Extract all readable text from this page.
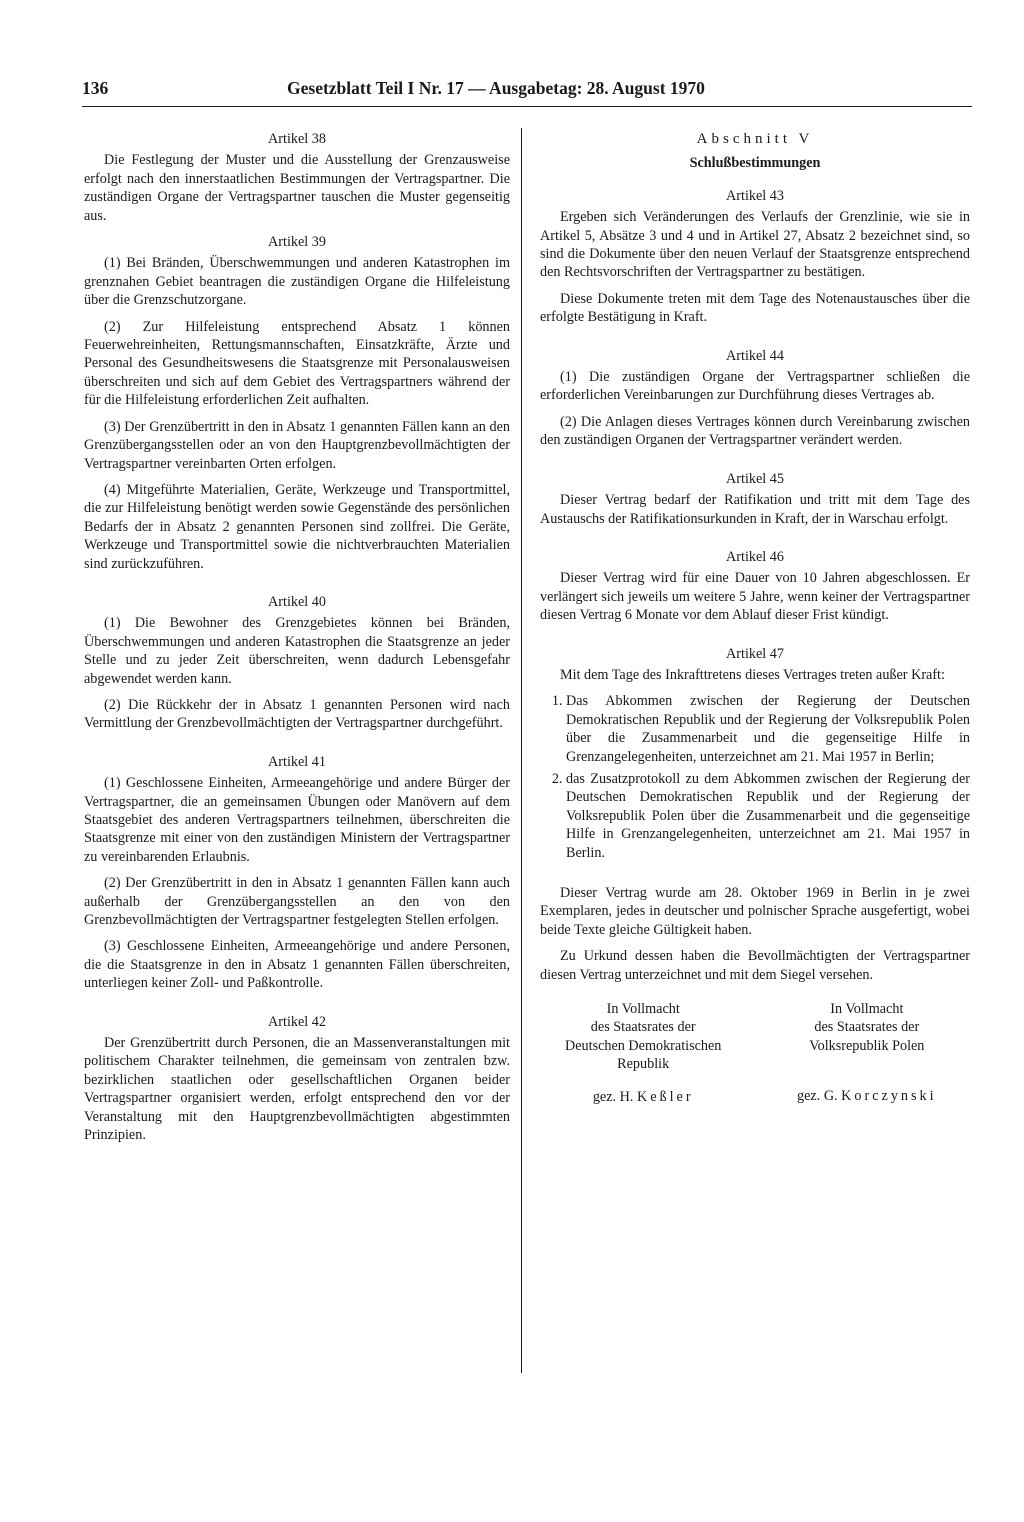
136	Gesetzblatt Teil I Nr. 17 — Ausgabetag: 28. August 1970
Artikel 38

Die Festlegung der Muster und die Ausstellung der Grenzausweise erfolgt nach den innerstaatlichen Bestimmungen der Vertragspartner. Die zuständigen Organe der Vertragspartner tauschen die Muster gegenseitig aus.

Artikel 39

(1) Bei Bränden, Überschwemmungen und anderen Katastrophen im grenznahen Gebiet beantragen die zuständigen Organe die Hilfeleistung über die Grenzschutzorgane.

(2) Zur Hilfeleistung entsprechend Absatz 1 können Feuerwehreinheiten, Rettungsmannschaften, Einsatzkräfte, Ärzte und Personal des Gesundheitswesens die Staatsgrenze mit Personalausweisen überschreiten und sich auf dem Gebiet des Vertragspartners während der für die Hilfeleistung erforderlichen Zeit aufhalten.

(3) Der Grenzübertritt in den in Absatz 1 genannten Fällen kann an den Grenzübergangsstellen oder an von den Hauptgrenzbevollmächtigten der Vertragspartner vereinbarten Orten erfolgen.

(4) Mitgeführte Materialien, Geräte, Werkzeuge und Transportmittel, die zur Hilfeleistung benötigt werden sowie Gegenstände des persönlichen Bedarfs der in Absatz 2 genannten Personen sind zollfrei. Die Geräte, Werkzeuge und Transportmittel sowie die nichtverbrauchten Materialien sind zurückzuführen.

Artikel 40

(1) Die Bewohner des Grenzgebietes können bei Bränden, Überschwemmungen und anderen Katastrophen die Staatsgrenze an jeder Stelle und zu jeder Zeit überschreiten, wenn dadurch Lebensgefahr abgewendet werden kann.

(2) Die Rückkehr der in Absatz 1 genannten Personen wird nach Vermittlung der Grenzbevollmächtigten der Vertragspartner durchgeführt.

Artikel 41

(1) Geschlossene Einheiten, Armeeangehörige und andere Bürger der Vertragspartner, die an gemeinsamen Übungen oder Manövern auf dem Staatsgebiet des anderen Vertragspartners teilnehmen, überschreiten die Staatsgrenze mit einer von den zuständigen Ministern der Vertragspartner zu vereinbarenden Erlaubnis.

(2) Der Grenzübertritt in den in Absatz 1 genannten Fällen kann auch außerhalb der Grenzübergangsstellen an den von den Grenzbevollmächtigten der Vertragspartner festgelegten Stellen erfolgen.

(3) Geschlossene Einheiten, Armeeangehörige und andere Personen, die die Staatsgrenze in den in Absatz 1 genannten Fällen überschreiten, unterliegen keiner Zoll- und Paßkontrolle.

Artikel 42

Der Grenzübertritt durch Personen, die an Massenveranstaltungen mit politischem Charakter teilnehmen, die gemeinsam von zentralen bzw. bezirklichen staatlichen oder gesellschaftlichen Organen beider Vertragspartner organisiert werden, erfolgt entsprechend den vor der Veranstaltung mit den Hauptgrenzbevollmächtigten abgestimmten Prinzipien.

Abschnitt V
Schlußbestimmungen
Artikel 43

Ergeben sich Veränderungen des Verlaufs der Grenzlinie, wie sie in Artikel 5, Absätze 3 und 4 und in Artikel 27, Absatz 2 bezeichnet sind, so sind die Dokumente über den neuen Verlauf der Staatsgrenze entsprechend den Rechtsvorschriften der Vertragspartner zu bestätigen.

Diese Dokumente treten mit dem Tage des Notenaustausches über die erfolgte Bestätigung in Kraft.

Artikel 44

(1) Die zuständigen Organe der Vertragspartner schließen die erforderlichen Vereinbarungen zur Durchführung dieses Vertrages ab.

(2) Die Anlagen dieses Vertrages können durch Vereinbarung zwischen den zuständigen Organen der Vertragspartner verändert werden.

Artikel 45

Dieser Vertrag bedarf der Ratifikation und tritt mit dem Tage des Austauschs der Ratifikationsurkunden in Kraft, der in Warschau erfolgt.

Artikel 46

Dieser Vertrag wird für eine Dauer von 10 Jahren abgeschlossen. Er verlängert sich jeweils um weitere 5 Jahre, wenn keiner der Vertragspartner diesen Vertrag 6 Monate vor dem Ablauf dieser Frist kündigt.

Artikel 47

Mit dem Tage des Inkrafttretens dieses Vertrages treten außer Kraft:

1. Das Abkommen zwischen der Regierung der Deutschen Demokratischen Republik und der Regierung der Volksrepublik Polen über die Zusammenarbeit und die gegenseitige Hilfe in Grenzangelegenheiten, unterzeichnet am 21. Mai 1957 in Berlin;
2. das Zusatzprotokoll zu dem Abkommen zwischen der Regierung der Deutschen Demokratischen Republik und der Regierung der Volksrepublik Polen über die Zusammenarbeit und die gegenseitige Hilfe in Grenzangelegenheiten, unterzeichnet am 21. Mai 1957 in Berlin.

Dieser Vertrag wurde am 28. Oktober 1969 in Berlin in je zwei Exemplaren, jedes in deutscher und polnischer Sprache ausgefertigt, wobei beide Texte gleiche Gültigkeit haben.

Zu Urkund dessen haben die Bevollmächtigten der Vertragspartner diesen Vertrag unterzeichnet und mit dem Siegel versehen.

In Vollmacht
des Staatsrates der
Deutschen Demokratischen
Republik
gez. H. Keßler
In Vollmacht
des Staatsrates der
Volksrepublik Polen
gez. G. Korczynski
